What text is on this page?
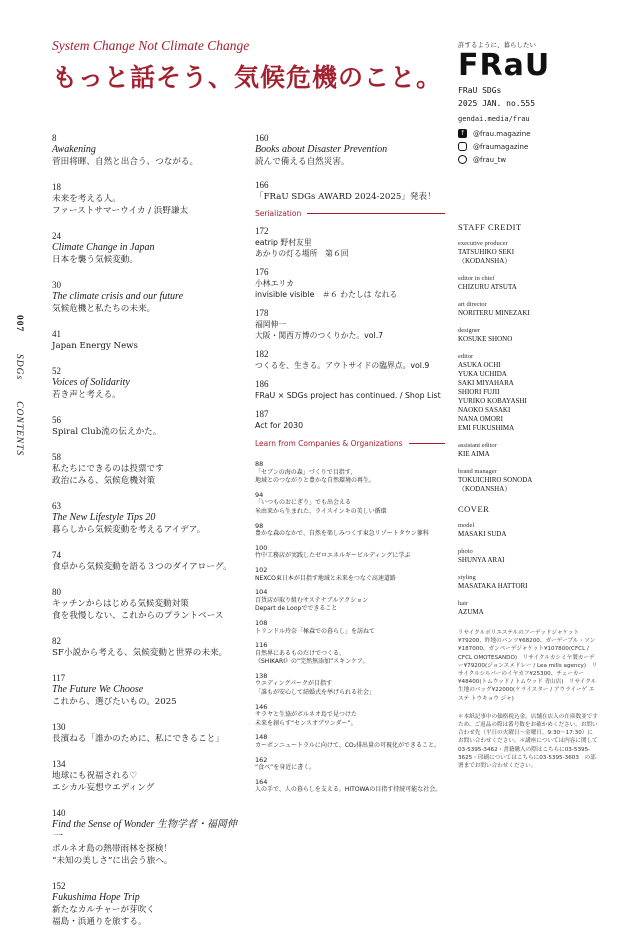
System Change Not Climate Change
もっと話そう、気候危機のこと。
許するように、暮らしたい
FRaU
FRaU SDGs
2025 JAN. no.555
gendai.media/frau
f	@frau.magazine
@fraumagazine
@frau_tw
007 SDGs CONTENTS
8
Awakening
菅田将暉、自然と出合う、つながる。
18
未来を考える人。
ファーストサマーウイカ / 浜野謙太
24
Climate Change in Japan
日本を襲う気候変動。
30
The climate crisis and our future
気候危機と私たちの未来。
41
Japan Energy News
52
Voices of Solidarity
若き声と考える。
56
Spiral Club流の伝えかた。
58
私たちにできるのは投票です
政治にみる、気候危機対策
63
The New Lifestyle Tips 20
暮らしから気候変動を考えるアイデア。
74
食卓から気候変動を語る３つのダイアローグ。
80
キッチンからはじめる気候変動対策
食を我慢しない、これからのプラントベース
82
SF小説から考える、気候変動と世界の未来。
117
The Future We Choose
これから、選びたいもの。2025
130
長濱ねる「誰かのために、私にできること」
134
地球にも祝福される♡
エシカル妄想ウエディング
140
Find the Sense of Wonder 生物学者・福岡伸一
ボルネオ島の熱帯雨林を探検！
“未知の美しさ”に出会う旅へ。
152
Fukushima Hope Trip
新たなカルチャーが芽吹く
福島・浜通りを旅する。
160
Books about Disaster Prevention
読んで備える自然災害。
166
「FRaU SDGs AWARD 2024-2025」発表！
Serialization
172
eatrip 野村友里
あかりの灯る場所　第６回
176
小林エリカ
invisible visible　＃６ わたしは なれる
178
福岡伸一
大阪・関西万博のつくりかた。vol.7
182
つくるを、生きる。アウトサイドの臨界点。vol.9
186
FRaU × SDGs project has continued. / Shop List
187
Act for 2030
Learn from Companies & Organizations
88
「セブンの海の森」づくりで目指す、
地域とのつながりと豊かな自然環境の再生。
94
「いつものおにぎり」でも出会える
米由来から生まれた、ライスインキの美しい循環
98
豊かな森のなかで、自然を楽しみつくす東急リゾートタウン蓼科
100
竹中工務店が実践したゼロエネルギービルディングに学ぶ
102
NEXCO東日本が目指す地域と未来をつなぐ高速道路
104
百貨店が取り組むサステナブルアクション
Depart de Loopでできること
108
トリンドル玲奈「極森での暮らし」を訪ねて
116
自然界にあるものだけでつくる、
《SHIKARI》の“完然無添加”スキンケア。
138
ウエディングパークが目指す
「誰もが安心して結婚式を挙げられる社会」
146
サラヤと生協がボルネオ島で見つけた
未来を創らす“センスオブワンダー”。
148
カーボンニュートラルに向けて、CO₂排出量の可視化ができること。
162
“食べ”を身近に書く。
164
人の手で、人の暮らしを支える。HITOWAの目指す持続可能な社会。
STAFF CREDIT
executive producer
TATSUHIKO SEKI
（KODANSHA）
editor in chief
CHIZURU ATSUTA
art director
NORITERU MINEZAKI
designer
KOSUKE SHONO
editor
ASUKA OCHI
YUKA UCHIDA
SAKI MIYAHARA
SHIORI FUJII
YURIKO KOBAYASHI
NAOKO SASAKI
NANA OMORI
EMI FUKUSHIMA
assistant editor
KIE AIMA
brand manager
TOKUICHIRO SONODA
（KODANSHA）
COVER
model
MASAKI SUDA
photo
SHUNYA ARAI
styling
MASATAKA HATTORI
hair
AZUMA
リサイクルポリエステルのフーデッドジャケット¥79200、昨地のパンツ¥68200、ガーデーブル・ソン¥187000、ガンペーデジャケット¥107800(CFCL / CFCL OMOTESANDO)　リサイクルカシミヤ製カーデー¥79200(ジョンスメドレー / Lea mills agency)　リサイクルシルバーのイヤカフ¥25300、チェーカー¥48400(トムウッド / トムウッド 青山店)　リサイクル生地のバッグ¥22000(ケライスター / アウライーゲ エステ トウキョウ ジャ)
＊本紙記事中の価格税込金。店舗在店入の在庫数並ですため、ご返品の際は番号数をお確かめください。お問い合わせ先（平日の火曜日〜金曜日、9:30〜17:30）にお問い合わせください。＊講座については内容に関して03-5395-3462・書籍購入の際はこちらに03-5395-3625・印刷についてはこちらに03-5395-3603　の部署までお問い合わせください。
